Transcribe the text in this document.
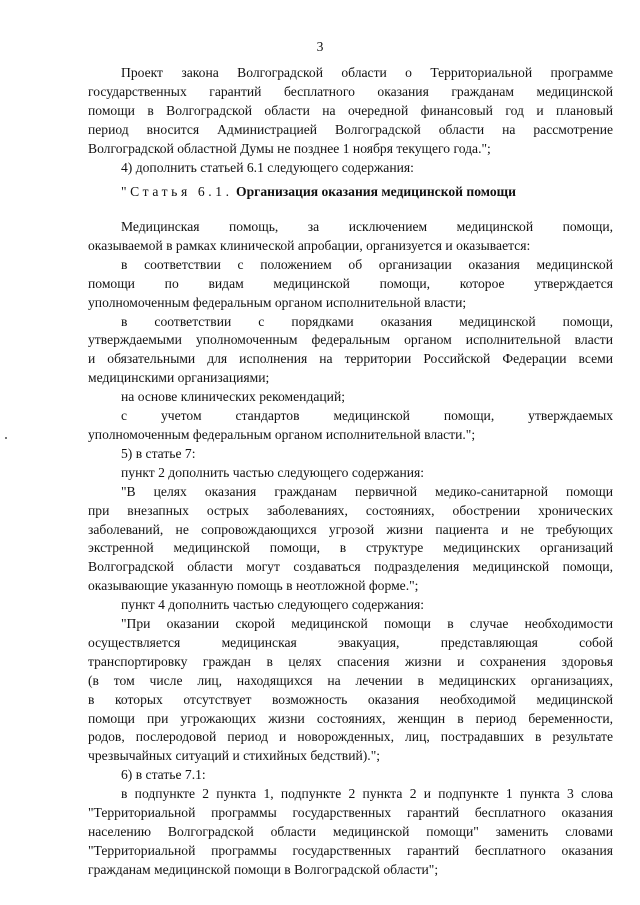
3

Проект закона Волгоградской области о Территориальной программе

государственных гарантий бесплатного оказания гражданам медицинской

помощи в Волгоградской области на очередной финансовый год и плановый

период вносится Администрацией Волгоградской области на рассмотрение

Волгоградской областной Думы не позднее 1 ноября текущего года.";

4) дополнить статьей 6.1 следующего содержания:

"Статья 6.1. Организация оказания медицинской помощи

Медицинская помощь, за исключением медицинской помощи,

оказываемой в рамках клинической апробации, организуется и оказывается:

в соответствии с положением об организации оказания медицинской

помощи по видам медицинской помощи, которое утверждается

уполномоченным федеральным органом исполнительной власти;

в соответствии с порядками оказания медицинской помощи,

утверждаемыми уполномоченным федеральным органом исполнительной власти

и обязательными для исполнения на территории Российской Федерации всеми

медицинскими организациями;

на основе клинических рекомендаций;

с учетом стандартов медицинской помощи, утверждаемых

уполномоченным федеральным органом исполнительной власти.";

5) в статье 7:

пункт 2 дополнить частью следующего содержания:

"В целях оказания гражданам первичной медико-санитарной помощи

при внезапных острых заболеваниях, состояниях, обострении хронических

заболеваний, не сопровождающихся угрозой жизни пациента и не требующих

экстренной медицинской помощи, в структуре медицинских организаций

Волгоградской области могут создаваться подразделения медицинской помощи,

оказывающие указанную помощь в неотложной форме.";

пункт 4 дополнить частью следующего содержания:

"При оказании скорой медицинской помощи в случае необходимости

осуществляется медицинская эвакуация, представляющая собой

транспортировку граждан в целях спасения жизни и сохранения здоровья

(в том числе лиц, находящихся на лечении в медицинских организациях,

в которых отсутствует возможность оказания необходимой медицинской

помощи при угрожающих жизни состояниях, женщин в период беременности,

родов, послеродовой период и новорожденных, лиц, пострадавших в результате

чрезвычайных ситуаций и стихийных бедствий).";

6) в статье 7.1:

в подпункте 2 пункта 1, подпункте 2 пункта 2 и подпункте 1 пункта 3 слова

"Территориальной программы государственных гарантий бесплатного оказания

населению Волгоградской области медицинской помощи" заменить словами

"Территориальной программы государственных гарантий бесплатного оказания

гражданам медицинской помощи в Волгоградской области";
